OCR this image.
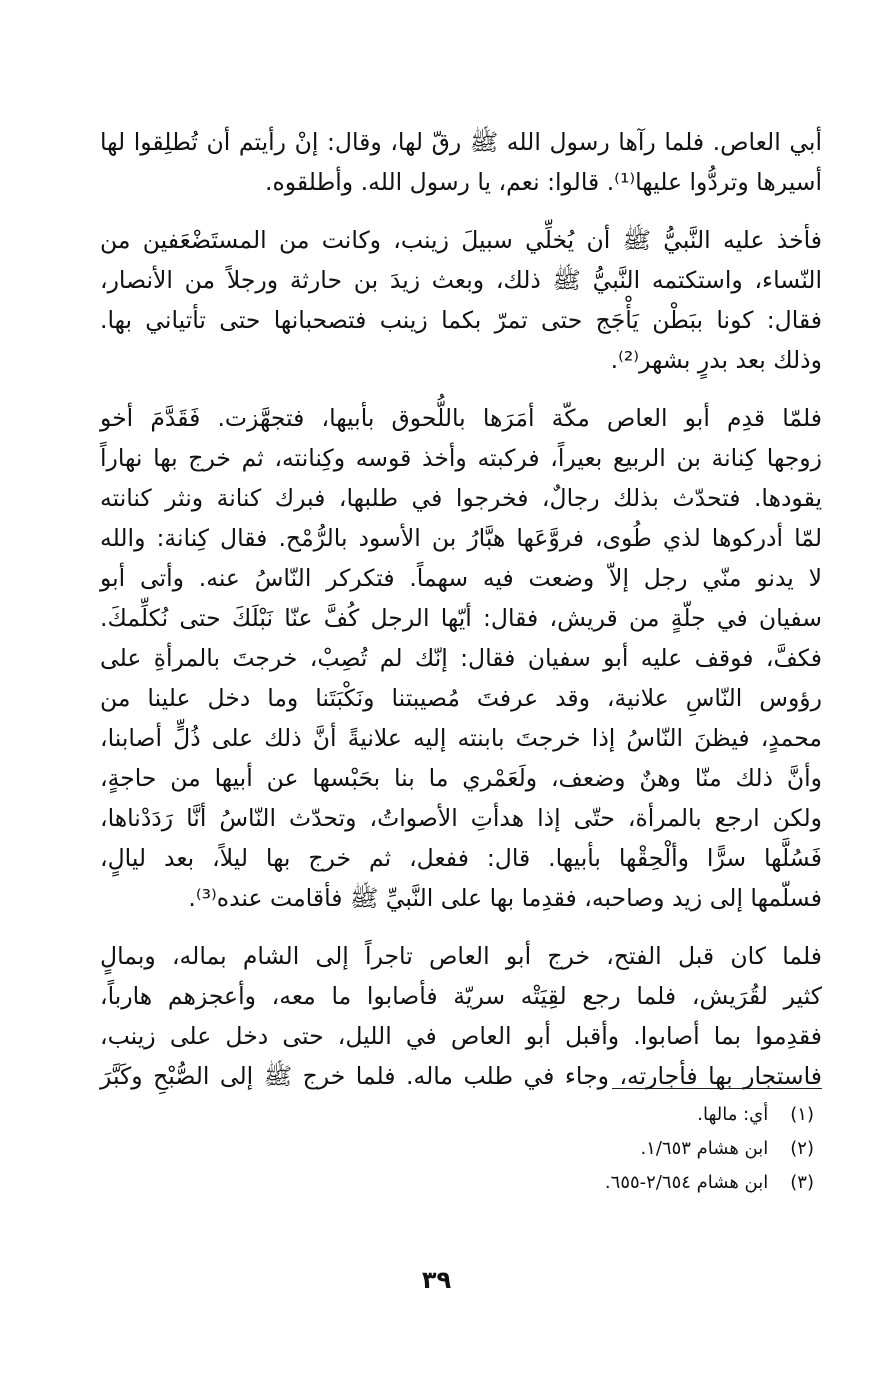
أبي العاص. فلما رآها رسول الله ﷺ رقّ لها، وقال: إنْ رأيتم أن تُطلِقوا لها
أسيرها وتردُّوا عليها⁽¹⁾. قالوا: نعم، يا رسول الله. وأطلقوه.
فأخذ عليه النَّبيُّ ﷺ أن يُخلِّي سبيلَ زينب، وكانت من المستَضْعَفين من
النّساء، واستكتمه النَّبيُّ ﷺ ذلك، وبعث زيدَ بن حارثة ورجلاً من الأنصار،
فقال: كونا ببَطْن يَأْجَج حتى تمرّ بكما زينب فتصحبانها حتى تأتياني بها.
وذلك بعد بدرٍ بشهر⁽²⁾.
فلمّا قدِم أبو العاص مكّة أمَرَها باللُّحوق بأبيها، فتجهَّزت. فَقَدَّمَ أخو
زوجها كِنانة بن الربيع بعيراً، فركبته وأخذ قوسه وكِنانته، ثم خرج بها نهاراً
يقودها. فتحدّث بذلك رجالٌ، فخرجوا في طلبها، فبرك كنانة ونثر كنانته
لمّا أدركوها لذي طُوى، فروَّعَها هبَّارُ بن الأسود بالرُّمْح. فقال كِنانة: والله
لا يدنو منّي رجل إلاّ وضعت فيه سهماً. فتكركر النّاسُ عنه. وأتى أبو
سفيان في جلّةٍ من قريش، فقال: أيّها الرجل كُفَّ عنّا نَبْلَكَ حتى نُكلِّمكَ.
فكفَّ، فوقف عليه أبو سفيان فقال: إنّك لم تُصِبْ، خرجتَ بالمرأةِ على
رؤوس النّاسِ علانية، وقد عرفتَ مُصيبتنا ونَكْبَتَنا وما دخل علينا من
محمدٍ، فيظنَ النّاسُ إذا خرجتَ بابنته إليه علانيةً أنَّ ذلك على ذُلٍّ أصابنا،
وأنَّ ذلك منّا وهنٌ وضعف، ولَعَمْري ما بنا بحَبْسها عن أبيها من حاجةٍ،
ولكن ارجع بالمرأة، حتّى إذا هدأتِ الأصواتُ، وتحدّث النّاسُ أنَّا رَدَدْناها،
فَسُلَّها سرًّا وألْحِقْها بأبيها. قال: ففعل، ثم خرج بها ليلاً، بعد ليالٍ،
فسلّمها إلى زيد وصاحبه، فقدِما بها على النَّبيِّ ﷺ فأقامت عنده⁽³⁾.
فلما كان قبل الفتح، خرج أبو العاص تاجراً إلى الشام بماله، وبمالٍ
كثير لقُرَيش، فلما رجع لقِيَتْه سريّة فأصابوا ما معه، وأعجزهم هارباً،
فقدِموا بما أصابوا. وأقبل أبو العاص في الليل، حتى دخل على زينب،
فاستجار بها فأجارته، وجاء في طلب ماله. فلما خرج ﷺ إلى الصُّبْحِ وكَبَّرَ
(١) أي: مالها.
(٢) ابن هشام ١/٦٥٣.
(٣) ابن هشام ٢/٦٥٤-٦٥٥.
٣٩
